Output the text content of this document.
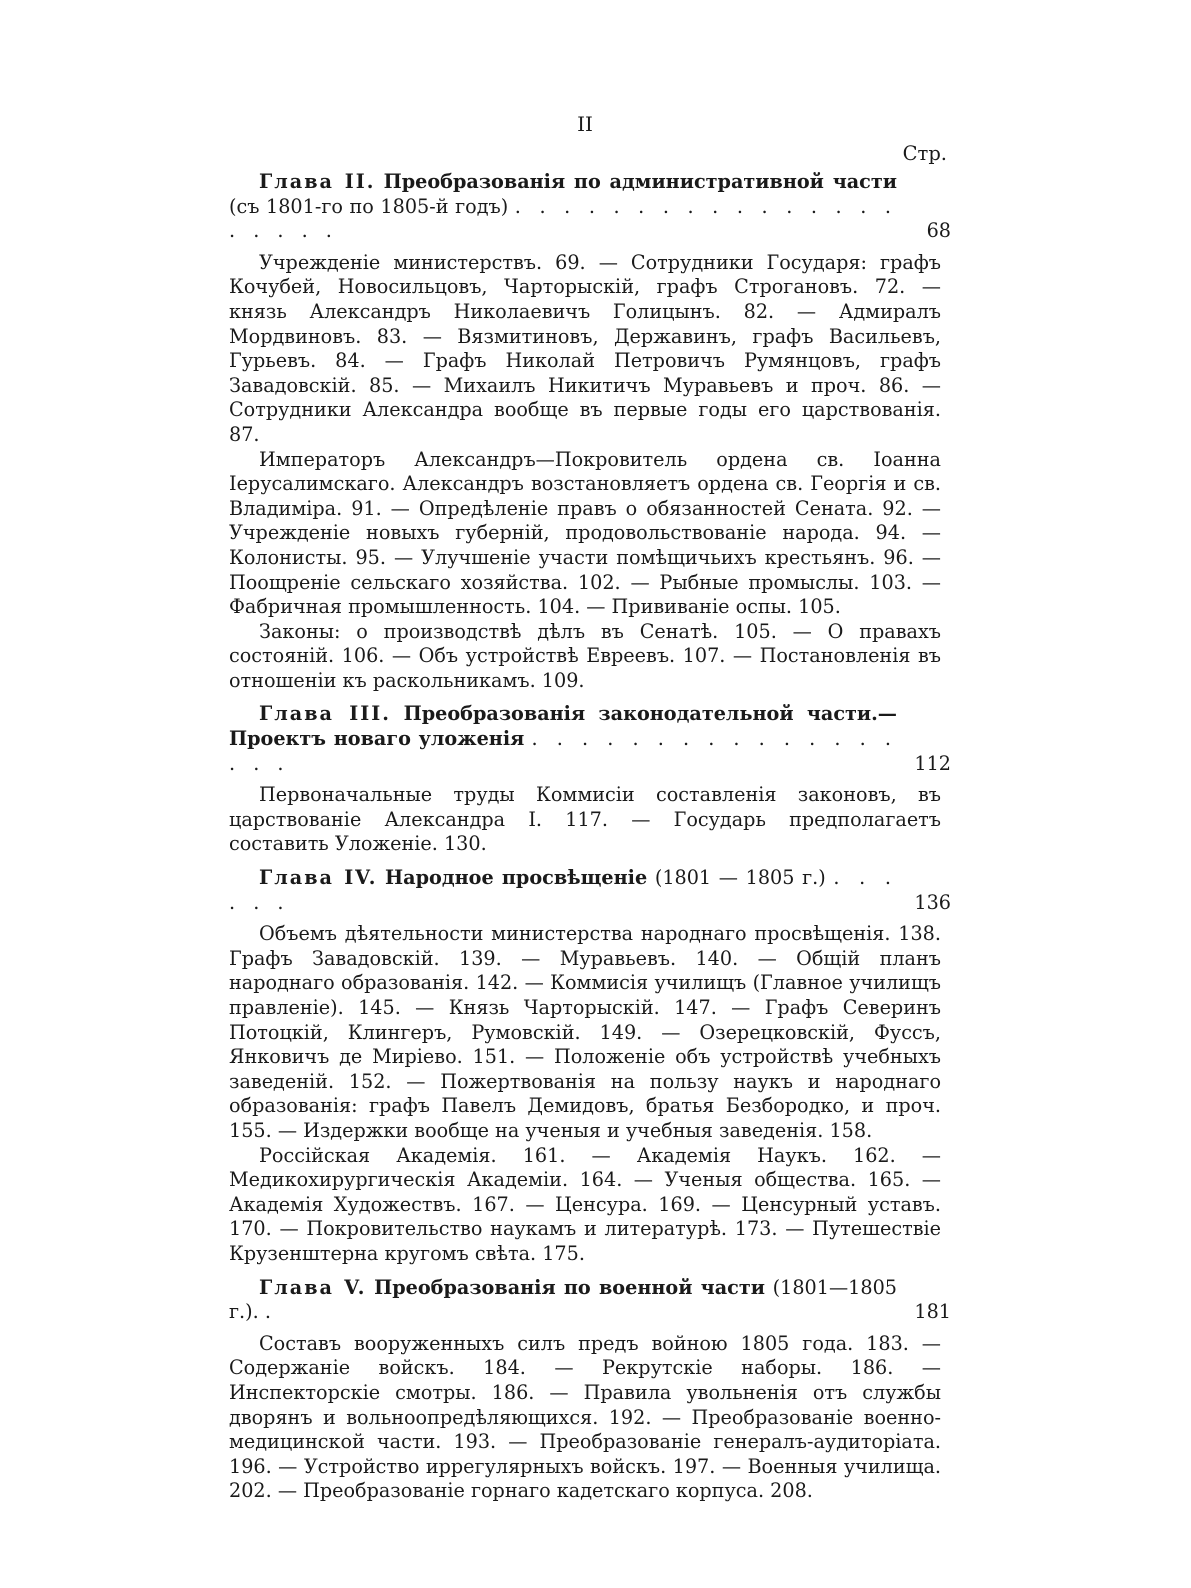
II
Стр.
Глава II. Преобразованія по административной части (съ 1801-го по 1805-й годъ) . . . . . . . . . . . . . . . . . . . . .	68

Учрежденіе министерствъ. 69. — Сотрудники Государя: графъ Кочубей, Новосильцовъ, Чарторыскій, графъ Строгановъ. 72. — князь Александръ Николаевичъ Голицынъ. 82. — Адмиралъ Мордвиновъ. 83. — Вязмитиновъ, Державинъ, графъ Васильевъ, Гурьевъ. 84. — Графъ Николай Петровичъ Румянцовъ, графъ Завадовскій. 85. — Михаилъ Никитичъ Муравьевъ и проч. 86. — Сотрудники Александра вообще въ первые годы его царствованія. 87.

Императоръ Александръ—Покровитель ордена св. Іоанна Іерусалимскаго. Александръ возстановляетъ ордена св. Георгія и св. Владиміра. 91. — Опредѣленіе правъ о обязанностей Сената. 92. — Учрежденіе новыхъ губерній, продовольствованіе народа. 94. — Колонисты. 95. — Улучшеніе участи помѣщичьихъ крестьянъ. 96. — Поощреніе сельскаго хозяйства. 102. — Рыбные промыслы. 103. — Фабричная промышленность. 104. — Прививаніе оспы. 105.

Законы: о производствѣ дѣлъ въ Сенатѣ. 105. — О правахъ состояній. 106. — Объ устройствѣ Евреевъ. 107. — Постановленія въ отношеніи къ раскольникамъ. 109.

Глава III. Преобразованія законодательной части.—Проектъ новаго уложенія . . . . . . . . . . . . . . . . . .	112

Первоначальные труды Коммисіи составленія законовъ, въ царствованіе Александра I. 117. — Государь предполагаетъ составить Уложеніе. 130.

Глава IV. Народное просвѣщеніе (1801 — 1805 г.) . . . . . .	136

Объемъ дѣятельности министерства народнаго просвѣщенія. 138. Графъ Завадовскій. 139. — Муравьевъ. 140. — Общій планъ народнаго образованія. 142. — Коммисія училищъ (Главное училищъ правленіе). 145. — Князь Чарторыскій. 147. — Графъ Северинъ Потоцкій, Клингеръ, Румовскій. 149. — Озерецковскій, Фуссъ, Янковичъ де Миріево. 151. — Положеніе объ устройствѣ учебныхъ заведеній. 152. — Пожертвованія на пользу наукъ и народнаго образованія: графъ Павелъ Демидовъ, братья Безбородко, и проч. 155. — Издержки вообще на ученыя и учебныя заведенія. 158.

Россійская Академія. 161. — Академія Наукъ. 162. — Медикохирургическія Академіи. 164. — Ученыя общества. 165. — Академія Художествъ. 167. — Ценсура. 169. — Ценсурный уставъ. 170. — Покровительство наукамъ и литературѣ. 173. — Путешествіе Крузенштерна кругомъ свѣта. 175.

Глава V. Преобразованія по военной части (1801—1805 г.). .	181

Составъ вооруженныхъ силъ предъ войною 1805 года. 183. — Содержаніе войскъ. 184. — Рекрутскіе наборы. 186. — Инспекторскіе смотры. 186. — Правила увольненія отъ службы дворянъ и вольноопредѣляющихся. 192. — Преобразованіе военно-медицинской части. 193. — Преобразованіе генералъ-аудиторіата. 196. — Устройство иррегулярныхъ войскъ. 197. — Военныя училища. 202. — Преобразованіе горнаго кадетскаго корпуса. 208.
